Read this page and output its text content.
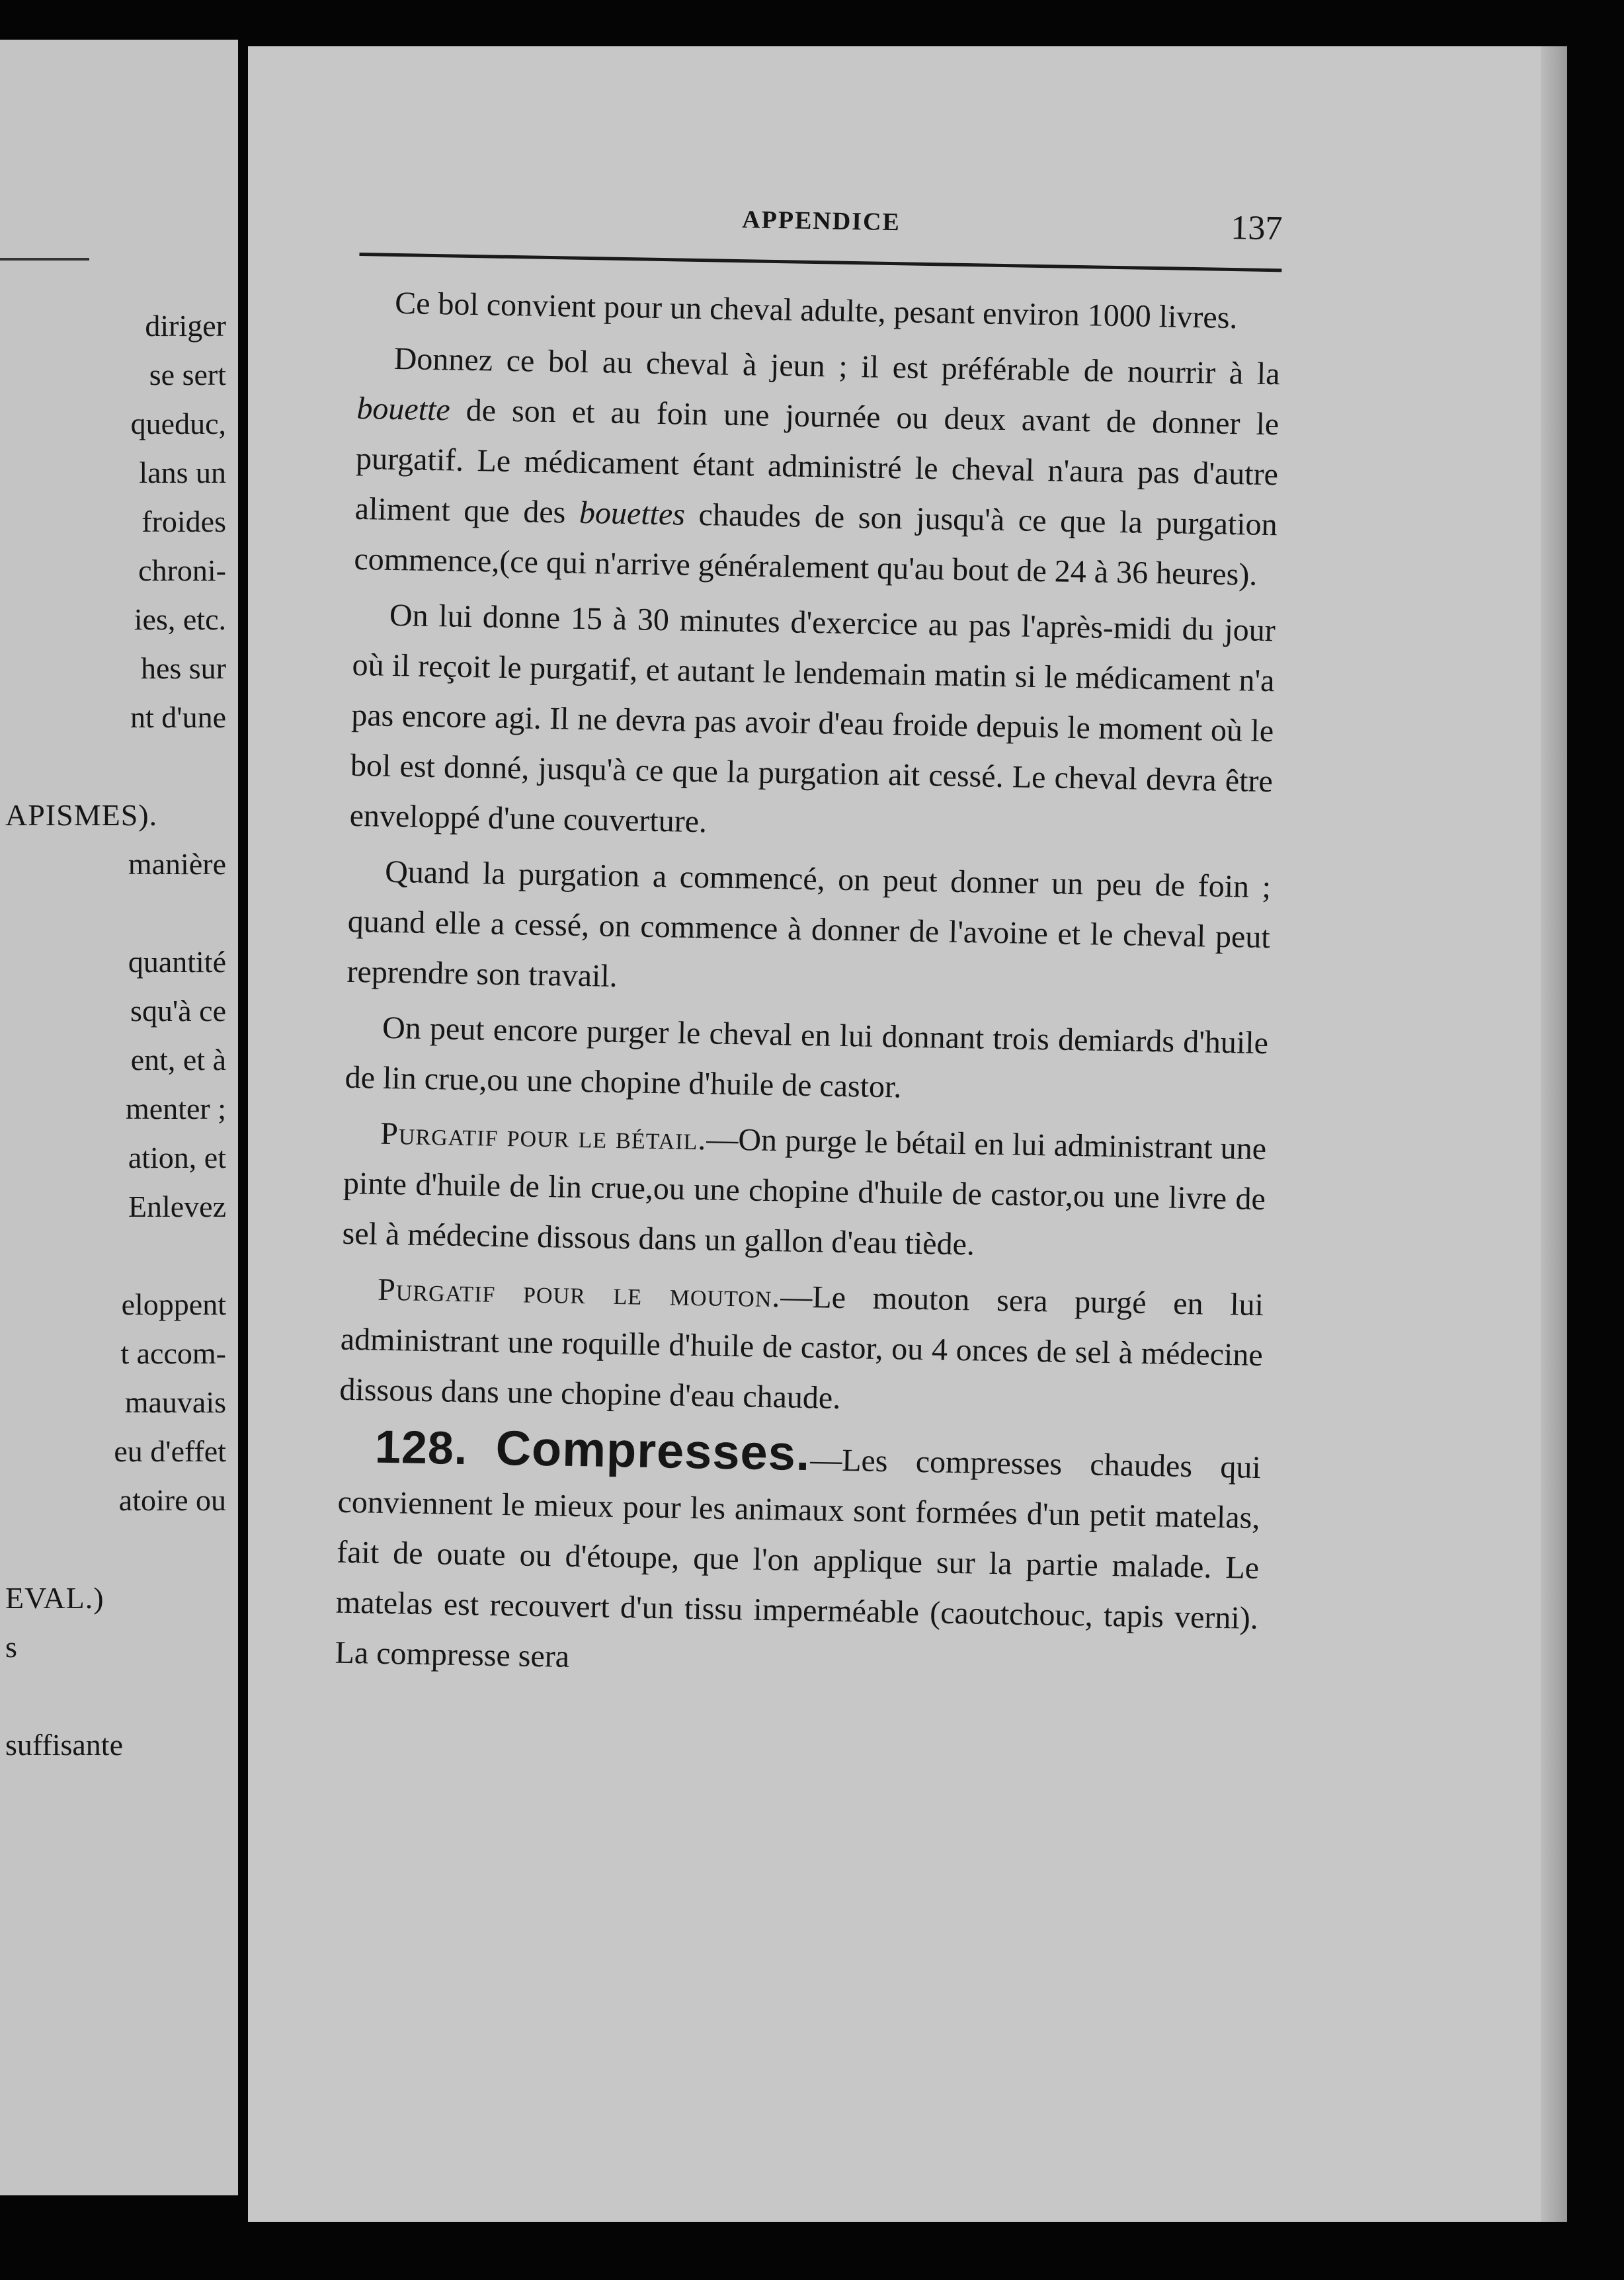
diriger
se sert
queduc,
lans un
froides
chroni-
ies, etc.
hes sur
nt d'une
APISMES).
manière
quantité
squ'à ce
ent, et à
menter ;
ation, et
Enlevez
eloppent
t accom-
mauvais
eu d'effet
atoire ou
EVAL.)
s
suffisante
APPENDICE	137

Ce bol convient pour un cheval adulte, pesant environ 1000 livres.

Donnez ce bol au cheval à jeun ; il est préférable de nourrir à la bouette de son et au foin une journée ou deux avant de donner le purgatif. Le médicament étant administré le cheval n'aura pas d'autre aliment que des bouettes chaudes de son jusqu'à ce que la purgation commence,(ce qui n'arrive généralement qu'au bout de 24 à 36 heures).

On lui donne 15 à 30 minutes d'exercice au pas l'après-midi du jour où il reçoit le purgatif, et autant le lendemain matin si le médicament n'a pas encore agi. Il ne devra pas avoir d'eau froide depuis le moment où le bol est donné, jusqu'à ce que la purgation ait cessé. Le cheval devra être enveloppé d'une couverture.

Quand la purgation a commencé, on peut donner un peu de foin ; quand elle a cessé, on commence à donner de l'avoine et le cheval peut reprendre son travail.

On peut encore purger le cheval en lui donnant trois demiards d'huile de lin crue,ou une chopine d'huile de castor.

Purgatif pour le bétail.—On purge le bétail en lui administrant une pinte d'huile de lin crue,ou une chopine d'huile de castor,ou une livre de sel à médecine dissous dans un gallon d'eau tiède.

Purgatif pour le mouton.—Le mouton sera purgé en lui administrant une roquille d'huile de castor, ou 4 onces de sel à médecine dissous dans une chopine d'eau chaude.

128. Compresses.—Les compresses chaudes qui conviennent le mieux pour les animaux sont formées d'un petit matelas, fait de ouate ou d'étoupe, que l'on applique sur la partie malade. Le matelas est recouvert d'un tissu imperméable (caoutchouc, tapis verni). La compresse sera
